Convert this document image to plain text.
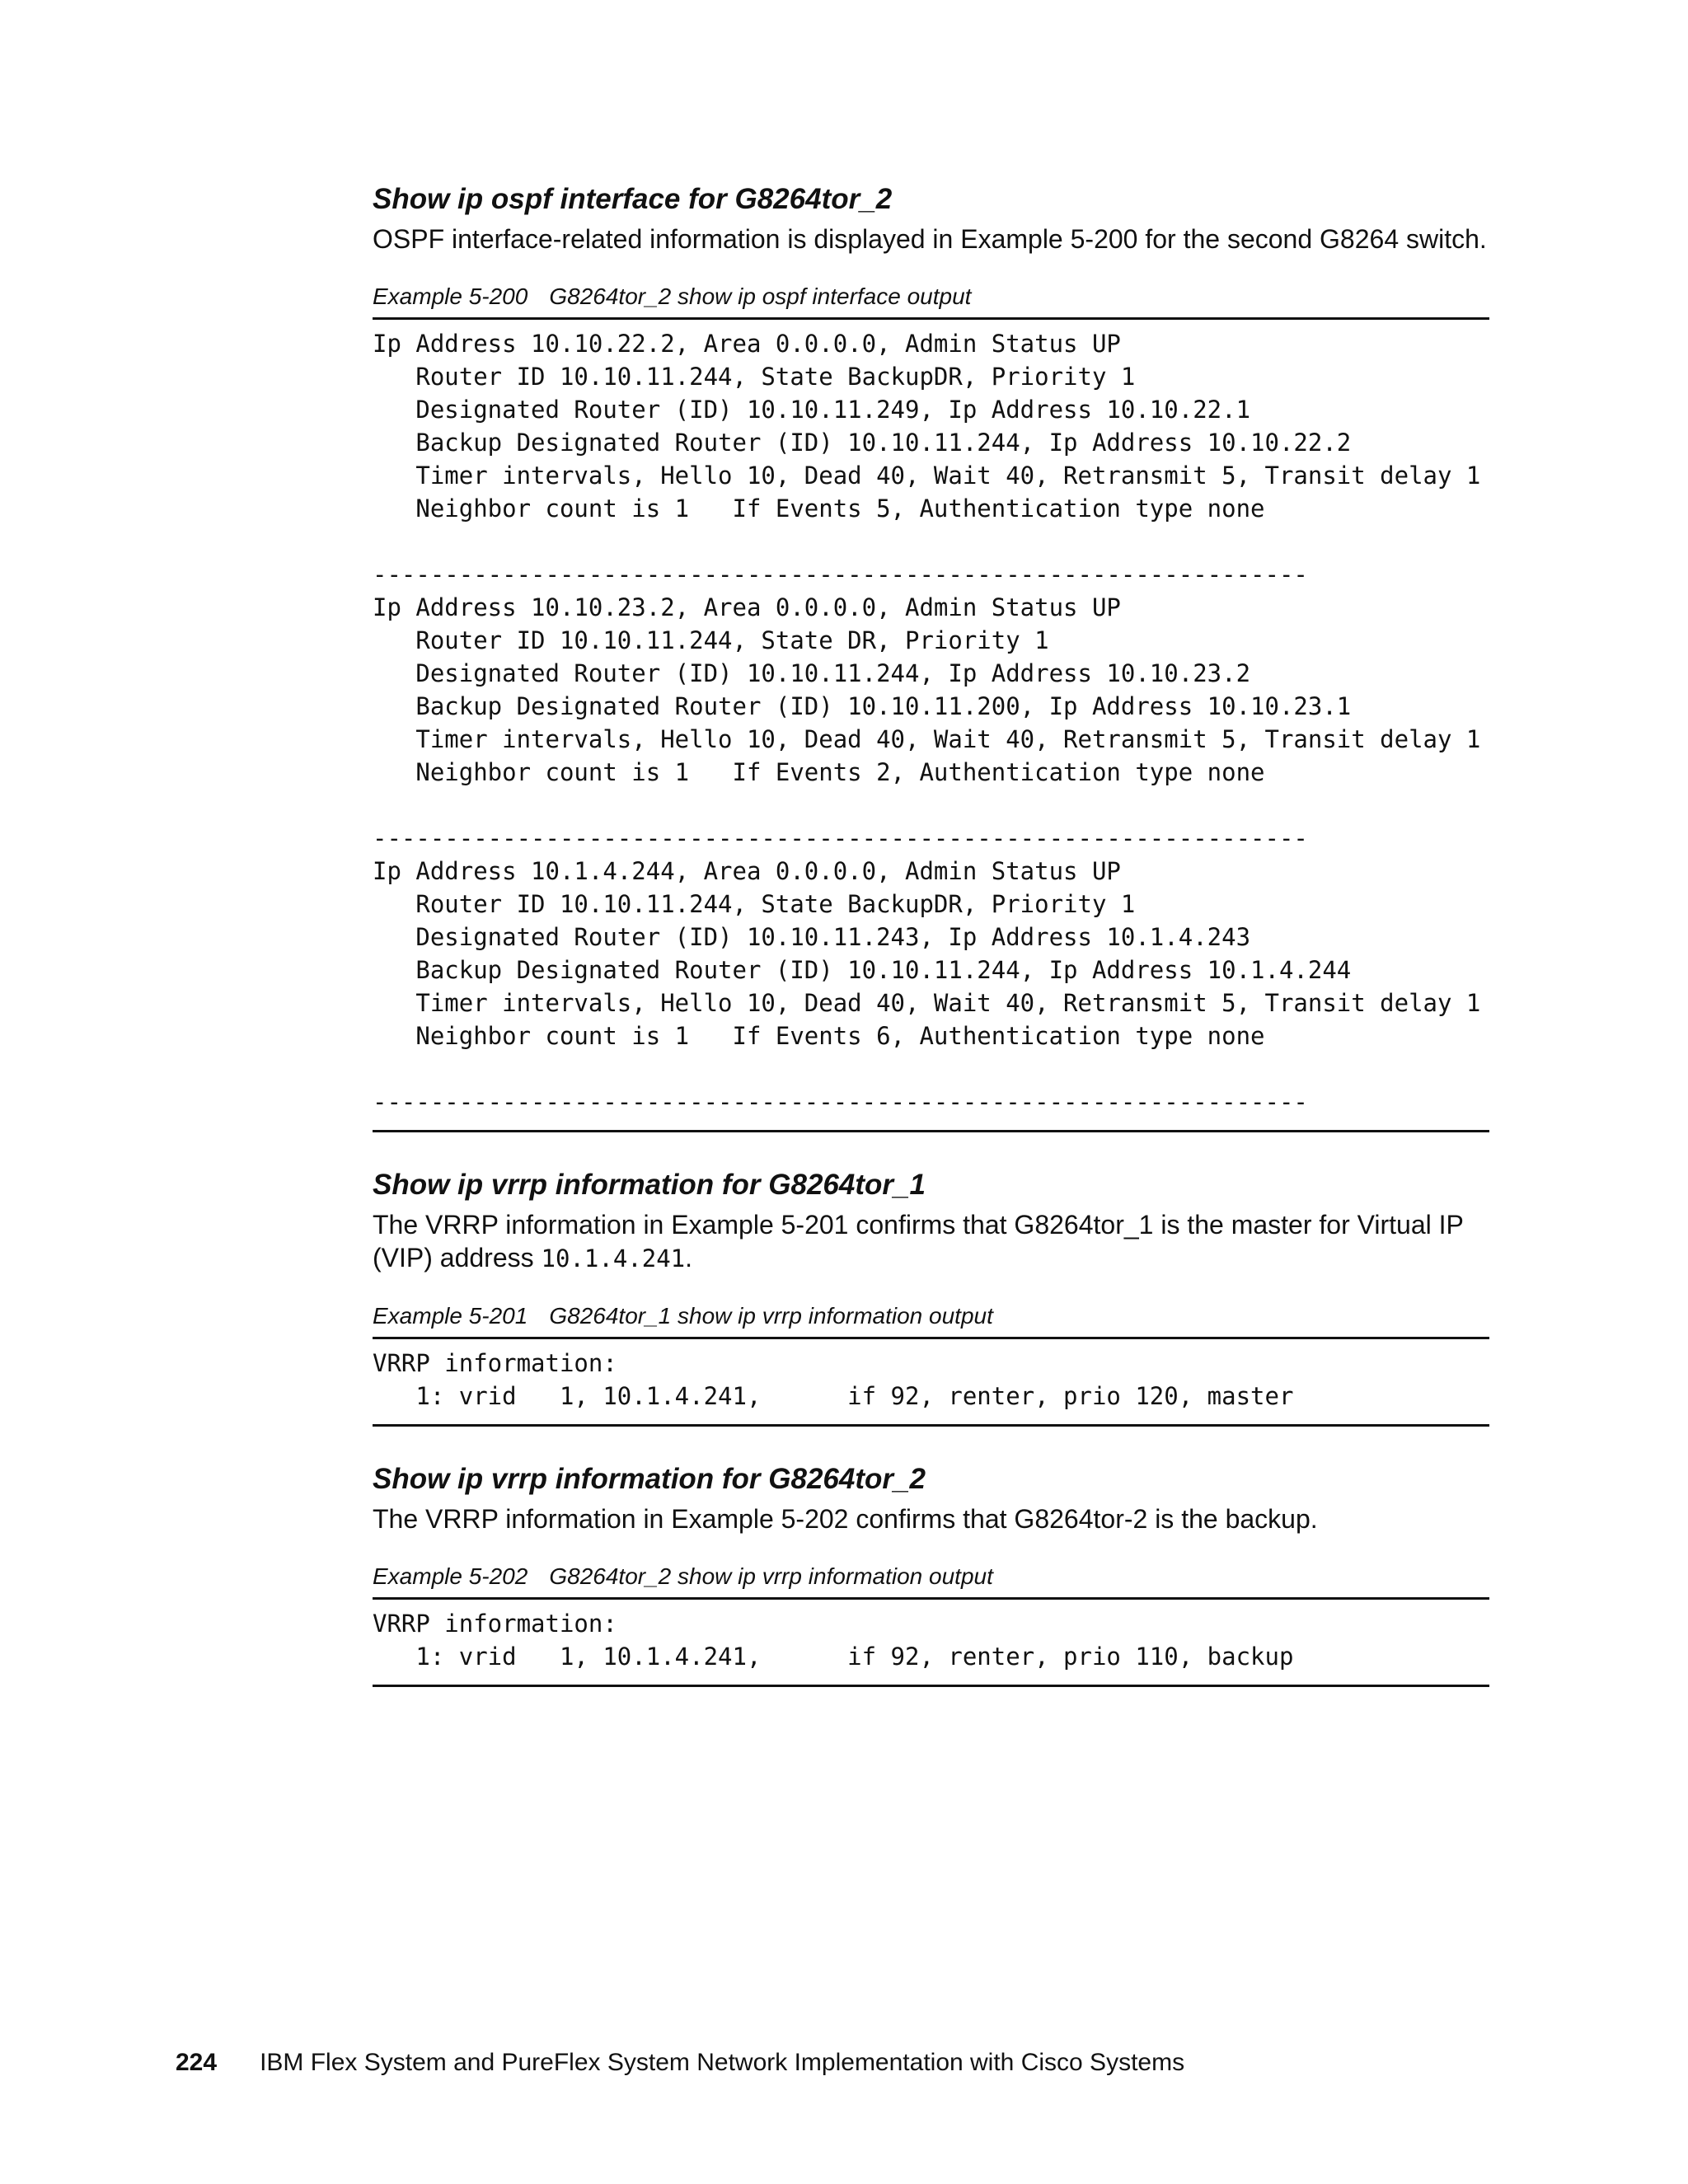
Show ip ospf interface for G8264tor_2

OSPF interface-related information is displayed in Example 5-200 for the second G8264 switch.

Example 5-200 G8264tor_2 show ip ospf interface output
Ip Address 10.10.22.2, Area 0.0.0.0, Admin Status UP
Router ID 10.10.11.244, State BackupDR, Priority 1
Designated Router (ID) 10.10.11.249, Ip Address 10.10.22.1
Backup Designated Router (ID) 10.10.11.244, Ip Address 10.10.22.2
Timer intervals, Hello 10, Dead 40, Wait 40, Retransmit 5, Transit delay 1
Neighbor count is 1   If Events 5, Authentication type none

-----------------------------------------------------------------
Ip Address 10.10.23.2, Area 0.0.0.0, Admin Status UP
Router ID 10.10.11.244, State DR, Priority 1
Designated Router (ID) 10.10.11.244, Ip Address 10.10.23.2
Backup Designated Router (ID) 10.10.11.200, Ip Address 10.10.23.1
Timer intervals, Hello 10, Dead 40, Wait 40, Retransmit 5, Transit delay 1
Neighbor count is 1   If Events 2, Authentication type none

-----------------------------------------------------------------
Ip Address 10.1.4.244, Area 0.0.0.0, Admin Status UP
Router ID 10.10.11.244, State BackupDR, Priority 1
Designated Router (ID) 10.10.11.243, Ip Address 10.1.4.243
Backup Designated Router (ID) 10.10.11.244, Ip Address 10.1.4.244
Timer intervals, Hello 10, Dead 40, Wait 40, Retransmit 5, Transit delay 1
Neighbor count is 1   If Events 6, Authentication type none

-----------------------------------------------------------------
Show ip vrrp information for G8264tor_1

The VRRP information in Example 5-201 confirms that G8264tor_1 is the master for Virtual IP (VIP) address 10.1.4.241.

Example 5-201 G8264tor_1 show ip vrrp information output
VRRP information:
1: vrid   1, 10.1.4.241,      if 92, renter, prio 120, master
Show ip vrrp information for G8264tor_2

The VRRP information in Example 5-202 confirms that G8264tor-2 is the backup.

Example 5-202 G8264tor_2 show ip vrrp information output
VRRP information:
1: vrid   1, 10.1.4.241,      if 92, renter, prio 110, backup
224 IBM Flex System and PureFlex System Network Implementation with Cisco Systems
